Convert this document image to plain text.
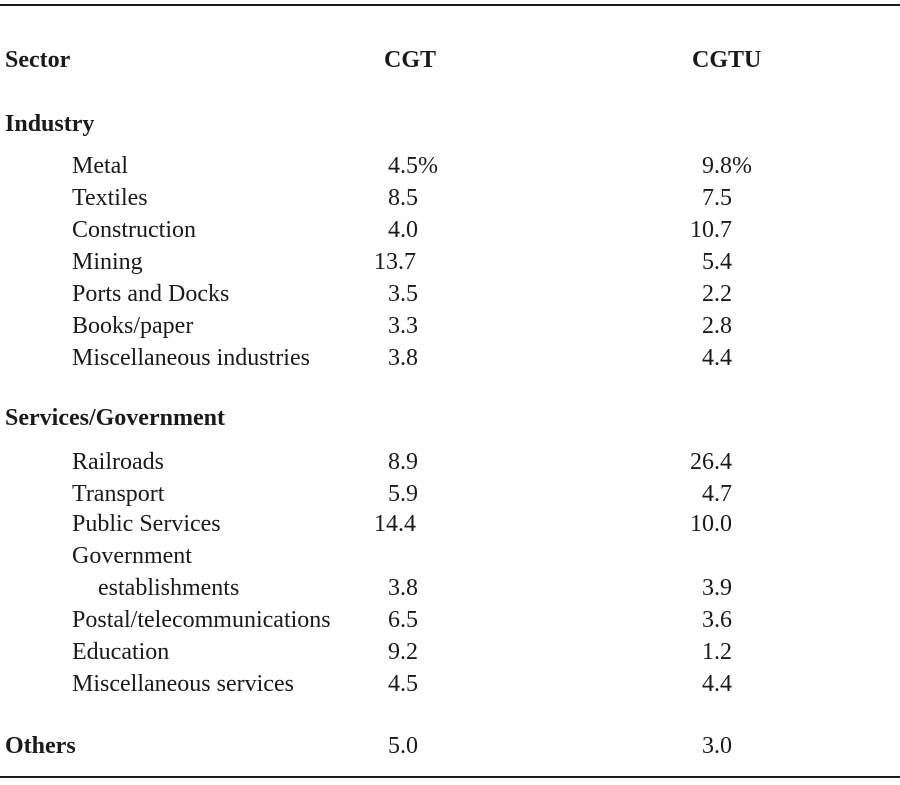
Sector	CGT	CGTU
Industry
Metal	4.5%	9.8%
Textiles	8.5	7.5
Construction	4.0	10.7
Mining	13.7	5.4
Ports and Docks	3.5	2.2
Books/paper	3.3	2.8
Miscellaneous industries	3.8	4.4
Services/Government
Railroads	8.9	26.4
Transport	5.9	4.7
Public Services	14.4	10.0
Government
establishments	3.8	3.9
Postal/telecommunications 6.5	3.6
Education	9.2	1.2
Miscellaneous services	4.5	4.4
Others	5.0	3.0
